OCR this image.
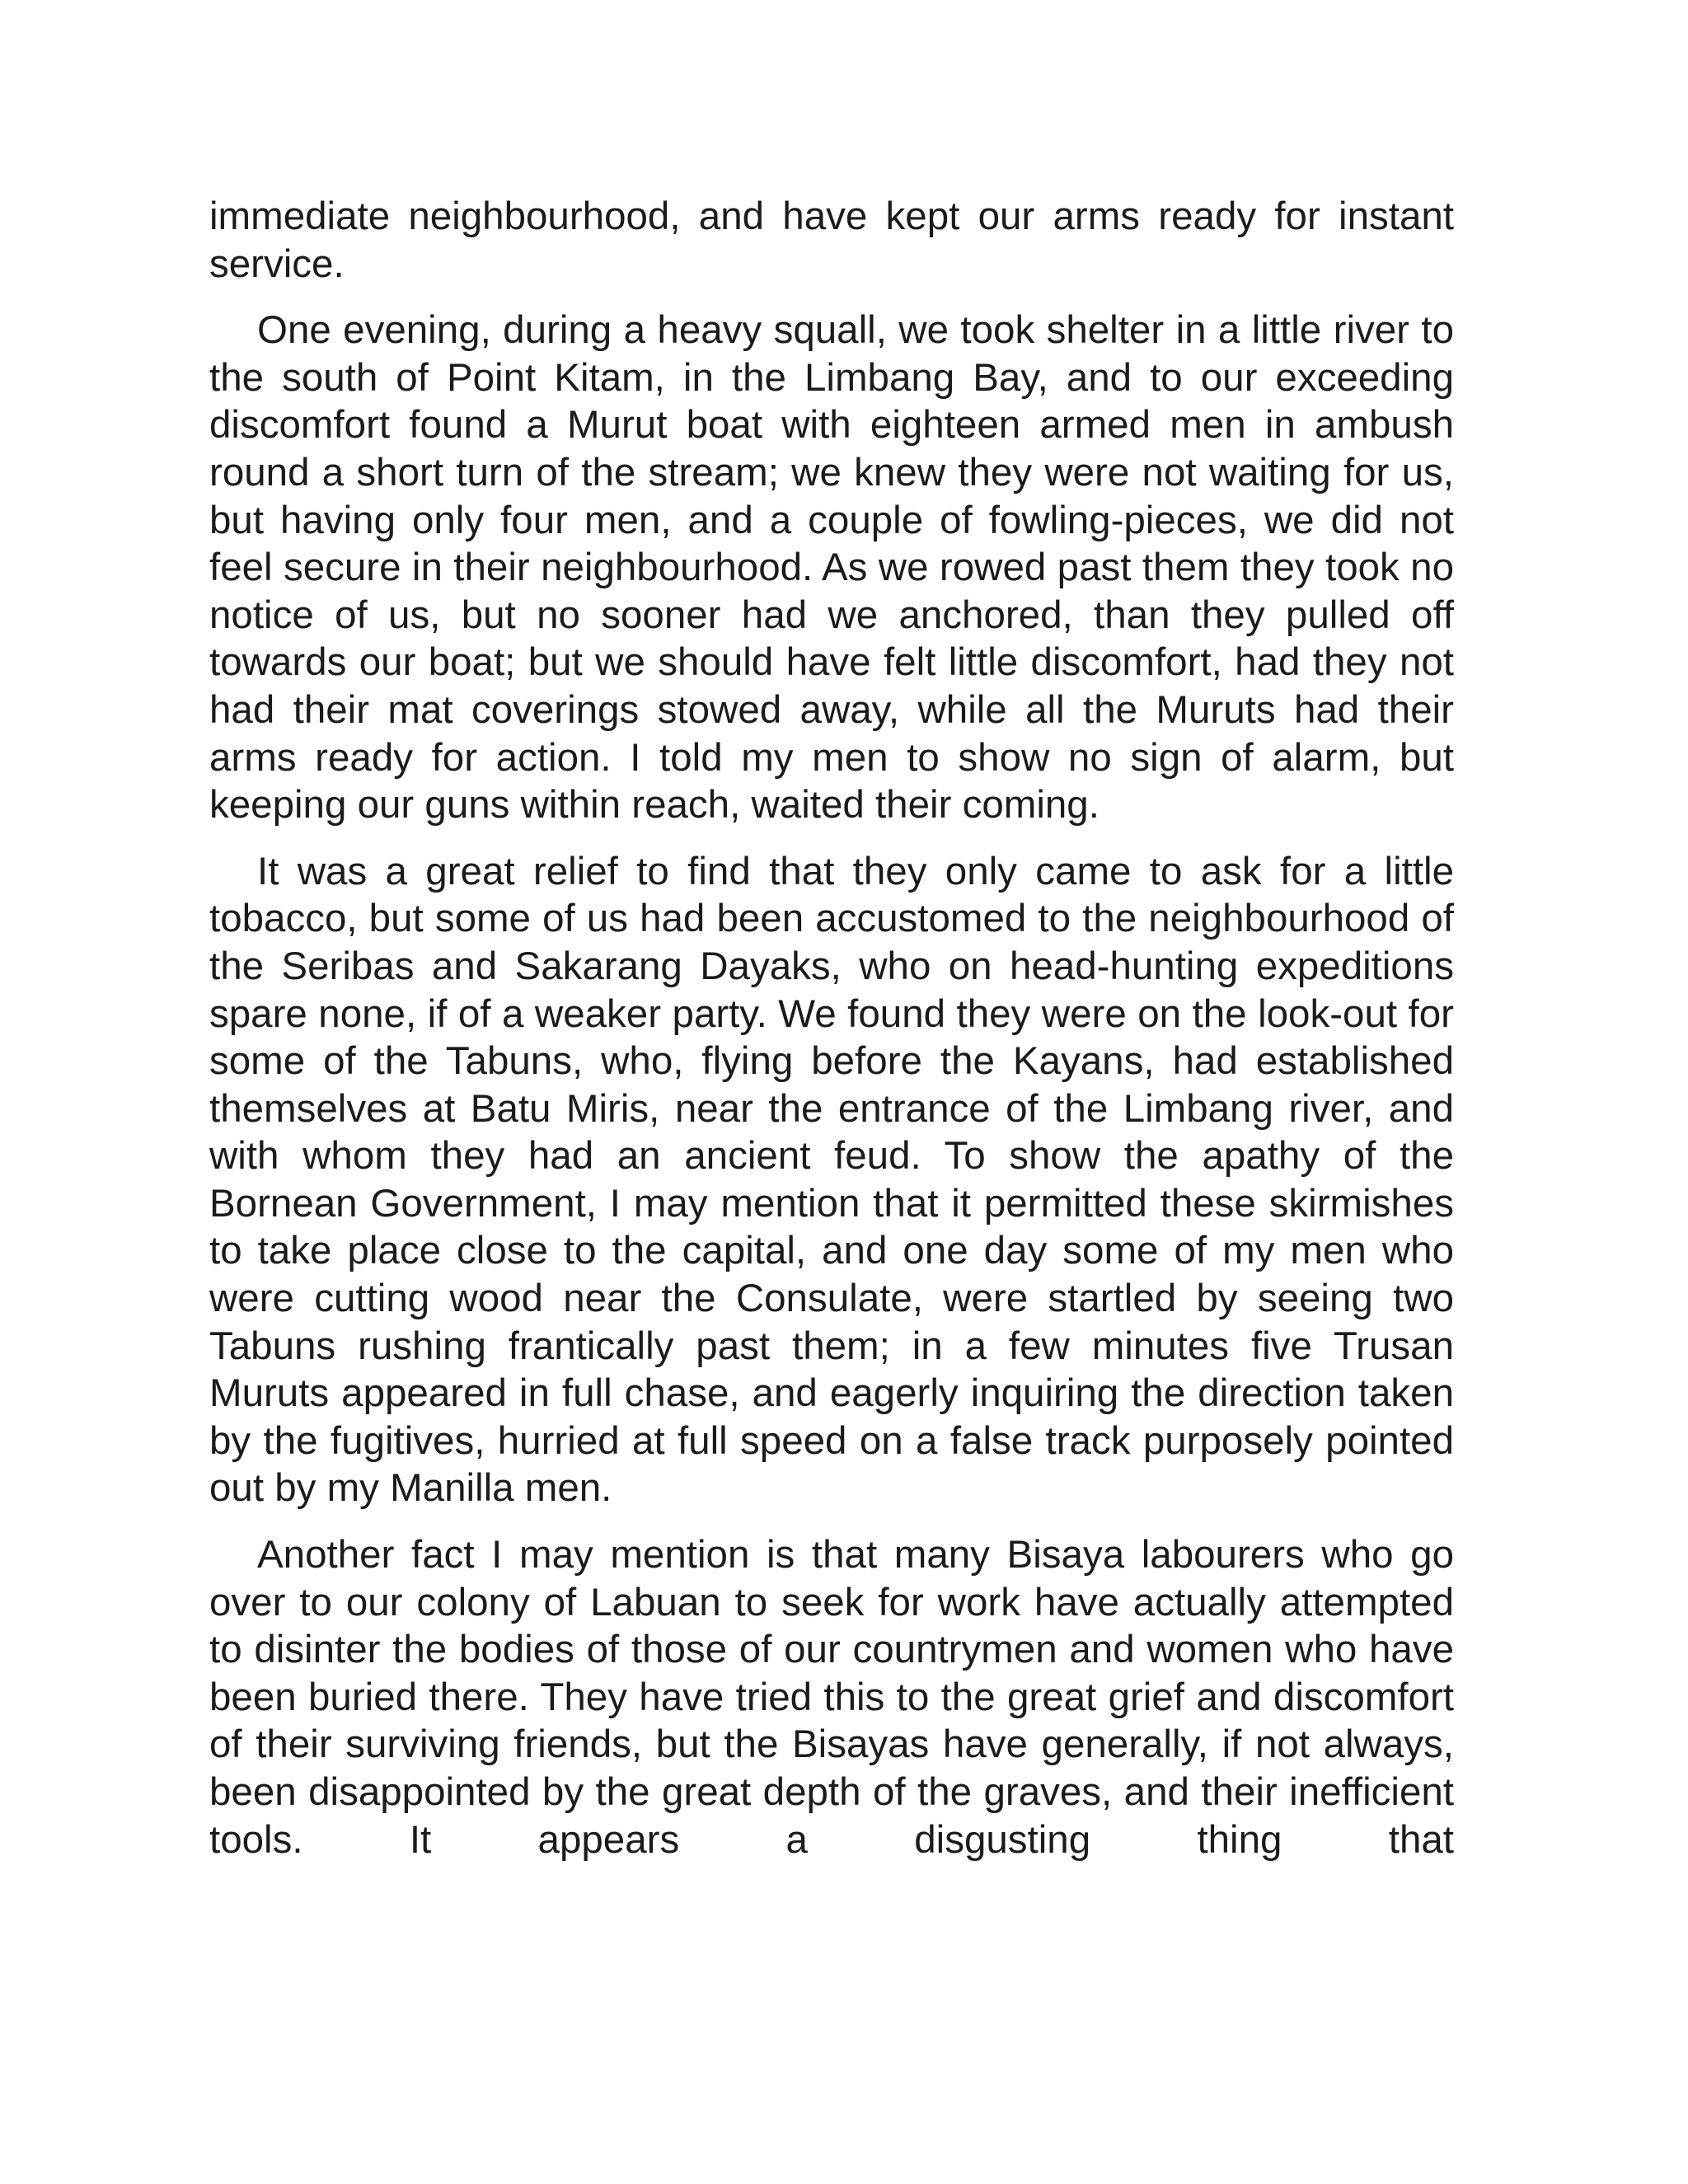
immediate neighbourhood, and have kept our arms ready for instant service.

One evening, during a heavy squall, we took shelter in a little river to the south of Point Kitam, in the Limbang Bay, and to our exceeding discomfort found a Murut boat with eighteen armed men in ambush round a short turn of the stream; we knew they were not waiting for us, but having only four men, and a couple of fowling-pieces, we did not feel secure in their neighbourhood. As we rowed past them they took no notice of us, but no sooner had we anchored, than they pulled off towards our boat; but we should have felt little discomfort, had they not had their mat coverings stowed away, while all the Muruts had their arms ready for action. I told my men to show no sign of alarm, but keeping our guns within reach, waited their coming.

It was a great relief to find that they only came to ask for a little tobacco, but some of us had been accustomed to the neighbourhood of the Seribas and Sakarang Dayaks, who on head-hunting expeditions spare none, if of a weaker party. We found they were on the look-out for some of the Tabuns, who, flying before the Kayans, had established themselves at Batu Miris, near the entrance of the Limbang river, and with whom they had an ancient feud. To show the apathy of the Bornean Government, I may mention that it permitted these skirmishes to take place close to the capital, and one day some of my men who were cutting wood near the Consulate, were startled by seeing two Tabuns rushing frantically past them; in a few minutes five Trusan Muruts appeared in full chase, and eagerly inquiring the direction taken by the fugitives, hurried at full speed on a false track purposely pointed out by my Manilla men.

Another fact I may mention is that many Bisaya labourers who go over to our colony of Labuan to seek for work have actually attempted to disinter the bodies of those of our countrymen and women who have been buried there. They have tried this to the great grief and discomfort of their surviving friends, but the Bisayas have generally, if not always, been disappointed by the great depth of the graves, and their inefficient tools. It appears a disgusting thing that
